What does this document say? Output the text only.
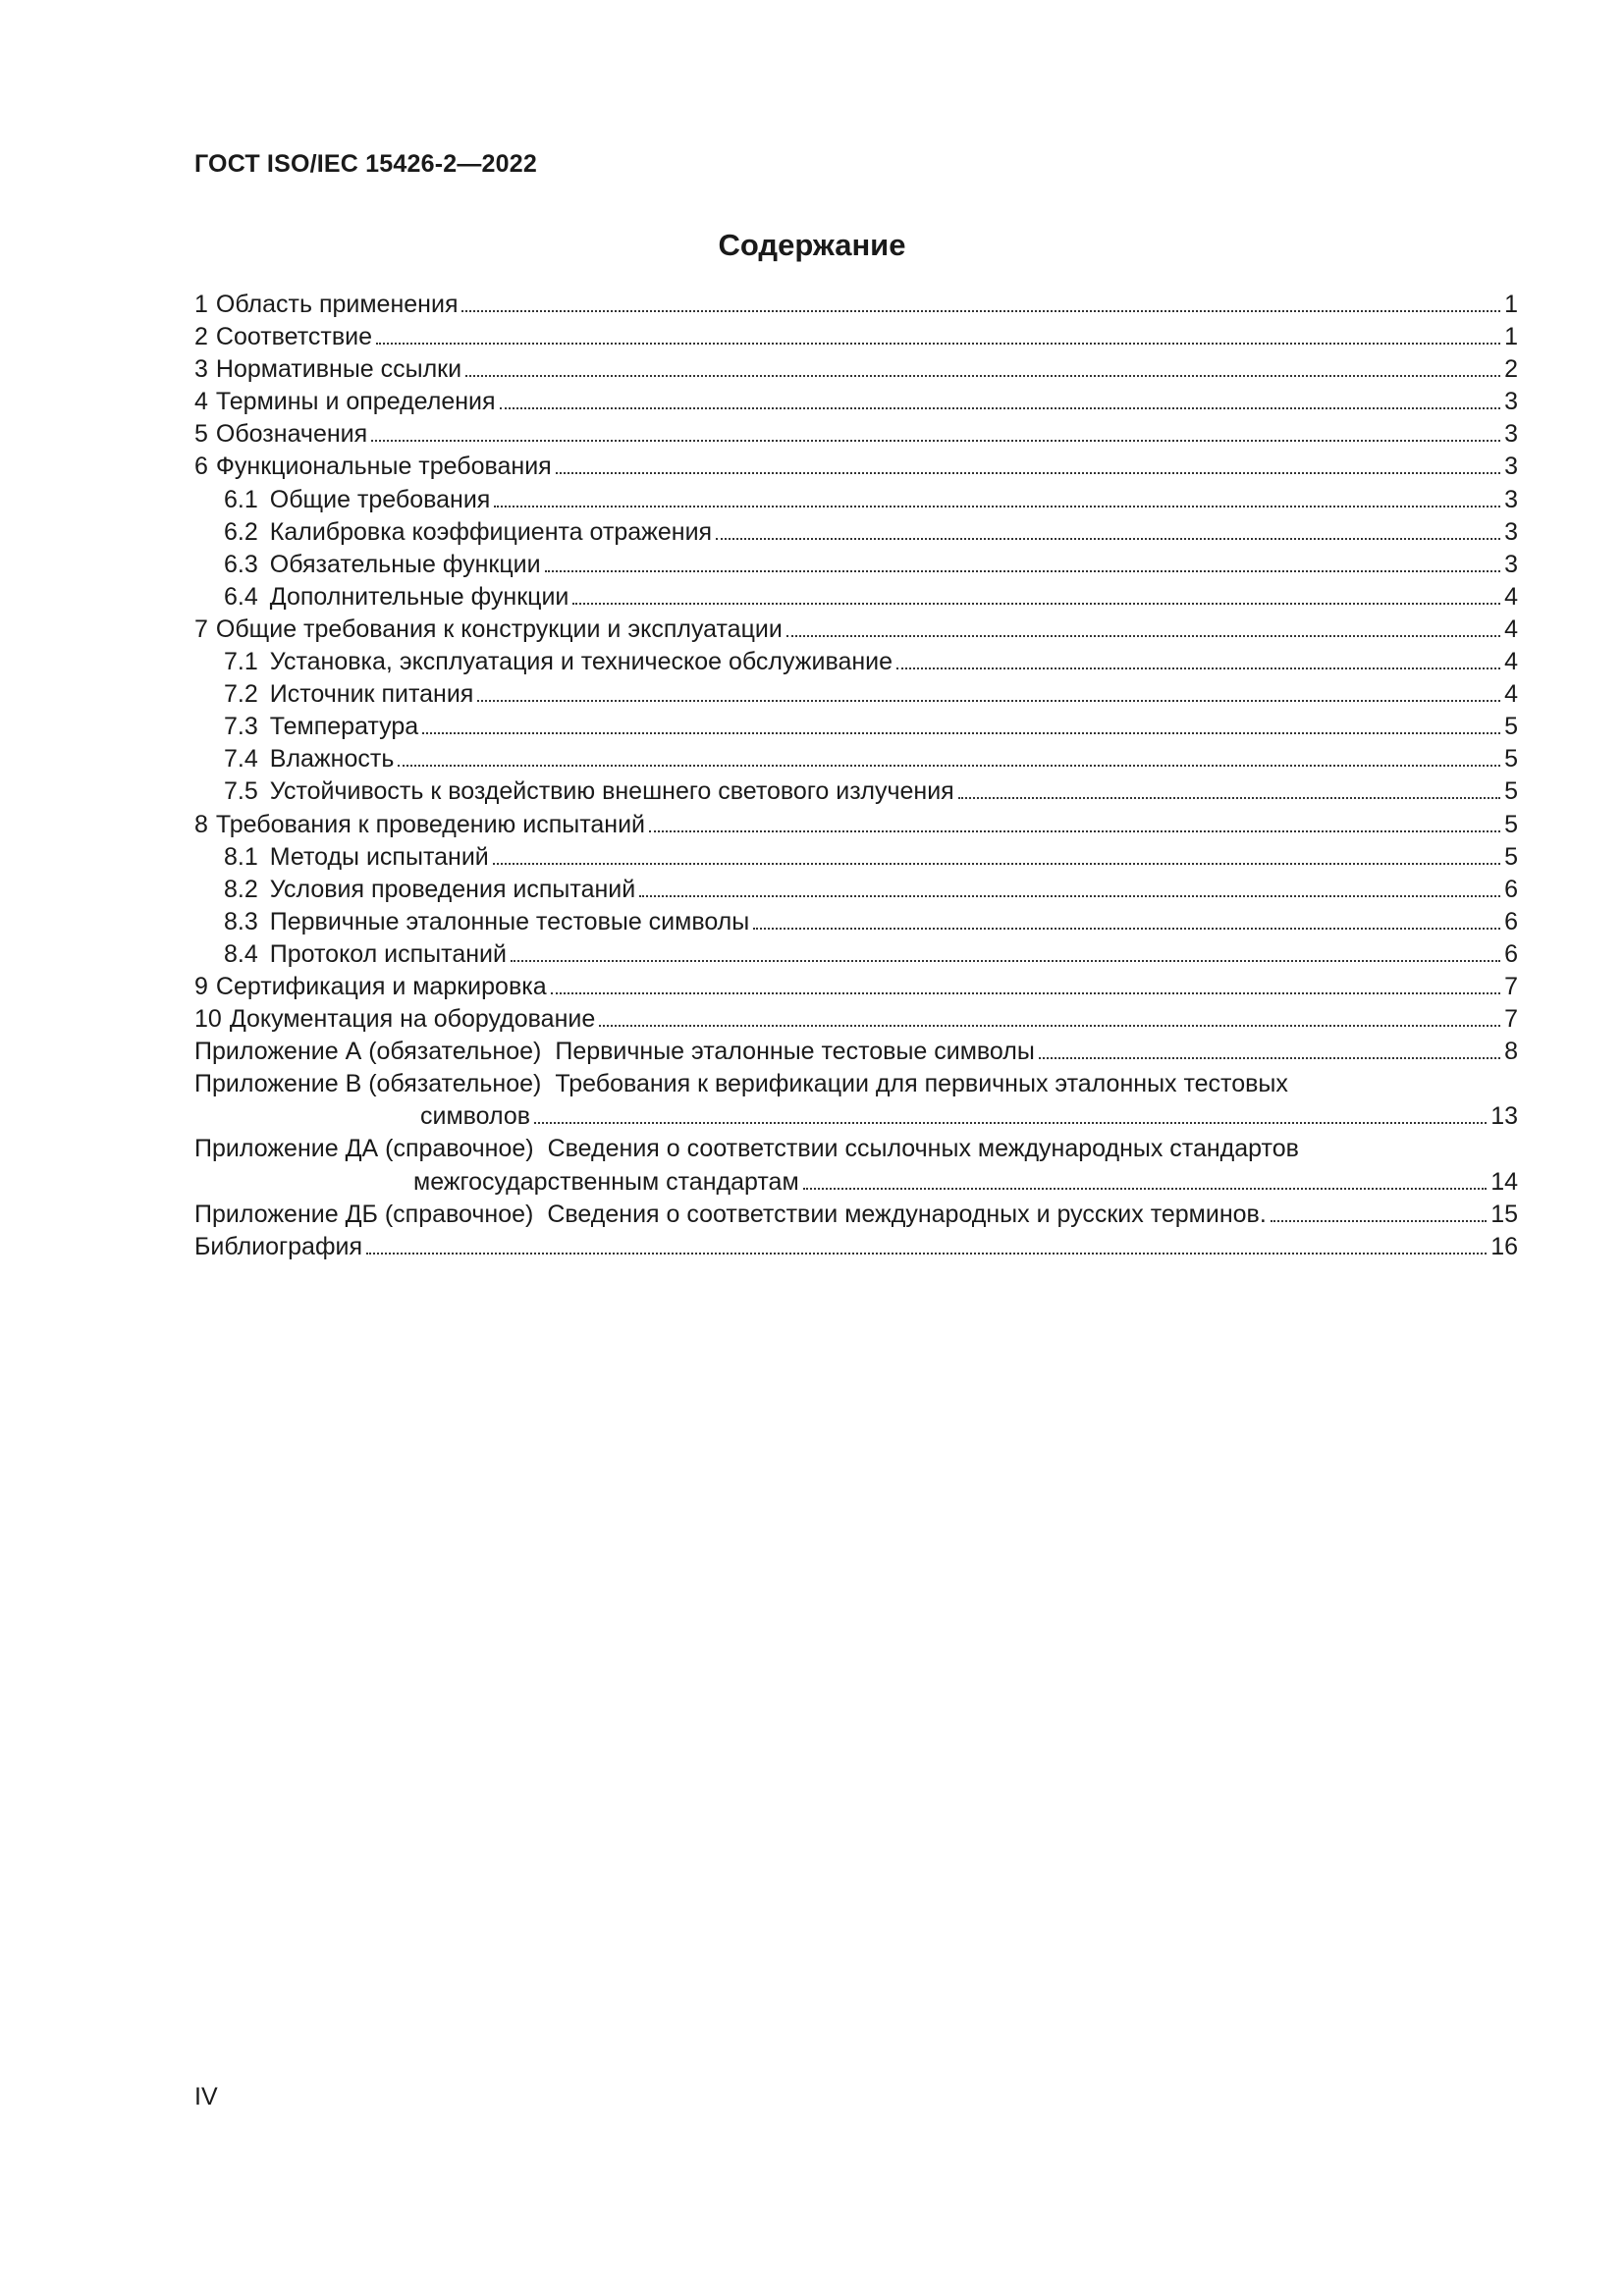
ГОСТ ISO/IEC 15426-2—2022
Содержание
1 Область применения	1
2 Соответствие	1
3 Нормативные ссылки	2
4 Термины и определения	3
5 Обозначения	3
6 Функциональные требования	3
6.1 Общие требования	3
6.2 Калибровка коэффициента отражения	3
6.3 Обязательные функции	3
6.4 Дополнительные функции	4
7 Общие требования к конструкции и эксплуатации	4
7.1 Установка, эксплуатация и техническое обслуживание	4
7.2 Источник питания	4
7.3 Температура	5
7.4 Влажность	5
7.5 Устойчивость к воздействию внешнего светового излучения	5
8 Требования к проведению испытаний	5
8.1 Методы испытаний	5
8.2 Условия проведения испытаний	6
8.3 Первичные эталонные тестовые символы	6
8.4 Протокол испытаний	6
9 Сертификация и маркировка	7
10 Документация на оборудование	7
Приложение А (обязательное) Первичные эталонные тестовые символы	8
Приложение В (обязательное) Требования к верификации для первичных эталонных тестовых
символов	13
Приложение ДА (справочное) Сведения о соответствии ссылочных международных стандартов
межгосударственным стандартам	14
Приложение ДБ (справочное) Сведения о соответствии международных и русских терминов.	15
Библиография	16
IV
